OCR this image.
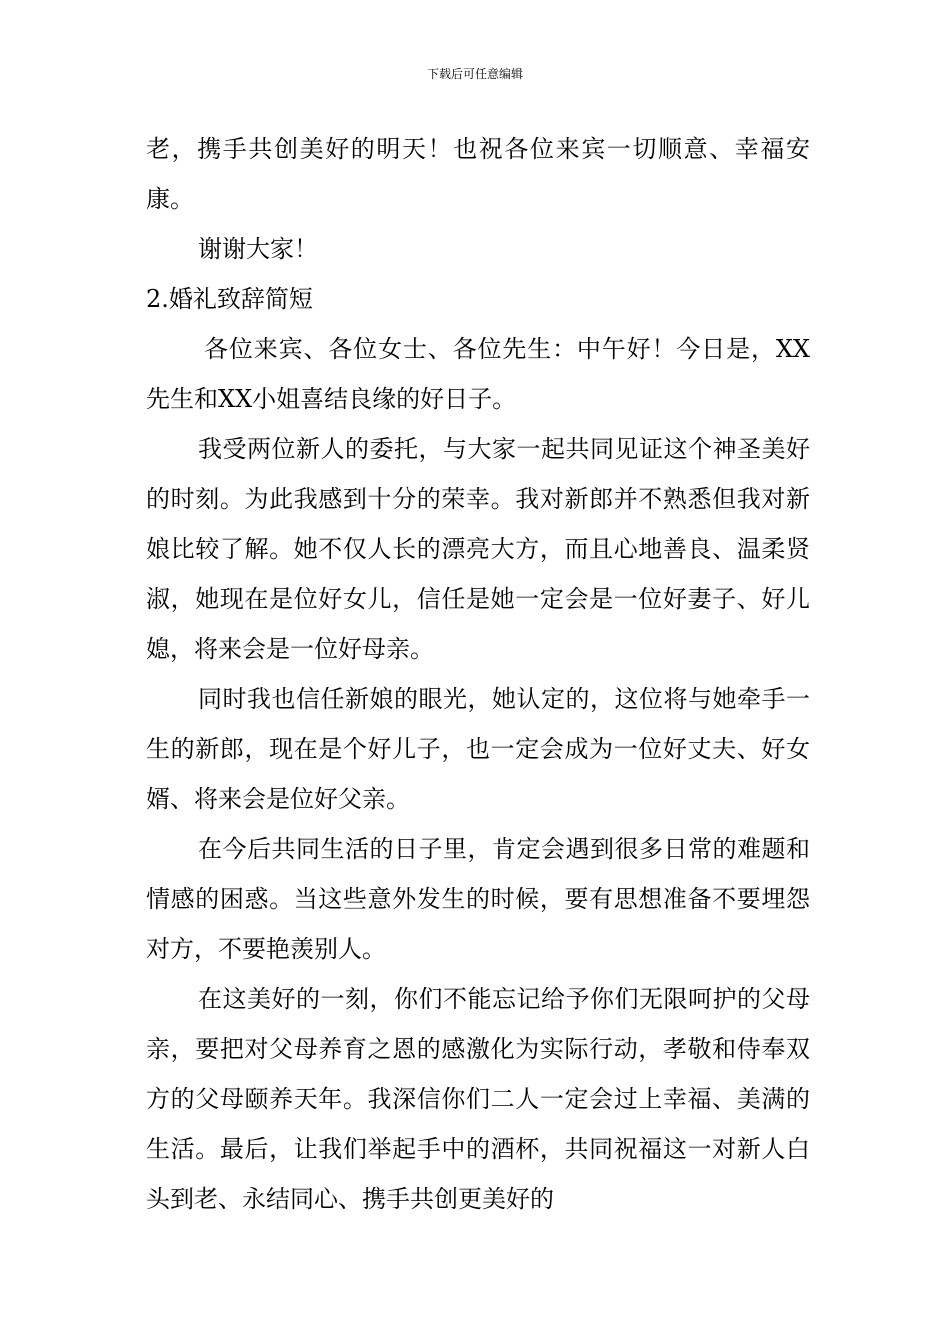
下载后可任意编辑

老，携手共创美好的明天！也祝各位来宾一切顺意、幸福安康。

谢谢大家！

2.婚礼致辞简短

各位来宾、各位女士、各位先生：中午好！今日是，XX先生和XX小姐喜结良缘的好日子。

我受两位新人的委托，与大家一起共同见证这个神圣美好的时刻。为此我感到十分的荣幸。我对新郎并不熟悉但我对新娘比较了解。她不仅人长的漂亮大方，而且心地善良、温柔贤淑，她现在是位好女儿，信任是她一定会是一位好妻子、好儿媳，将来会是一位好母亲。

同时我也信任新娘的眼光，她认定的，这位将与她牵手一生的新郎，现在是个好儿子，也一定会成为一位好丈夫、好女婿、将来会是位好父亲。

在今后共同生活的日子里，肯定会遇到很多日常的难题和情感的困惑。当这些意外发生的时候，要有思想准备不要埋怨对方，不要艳羡别人。

在这美好的一刻，你们不能忘记给予你们无限呵护的父母亲，要把对父母养育之恩的感激化为实际行动，孝敬和侍奉双方的父母颐养天年。我深信你们二人一定会过上幸福、美满的生活。最后，让我们举起手中的酒杯，共同祝福这一对新人白头到老、永结同心、携手共创更美好的
